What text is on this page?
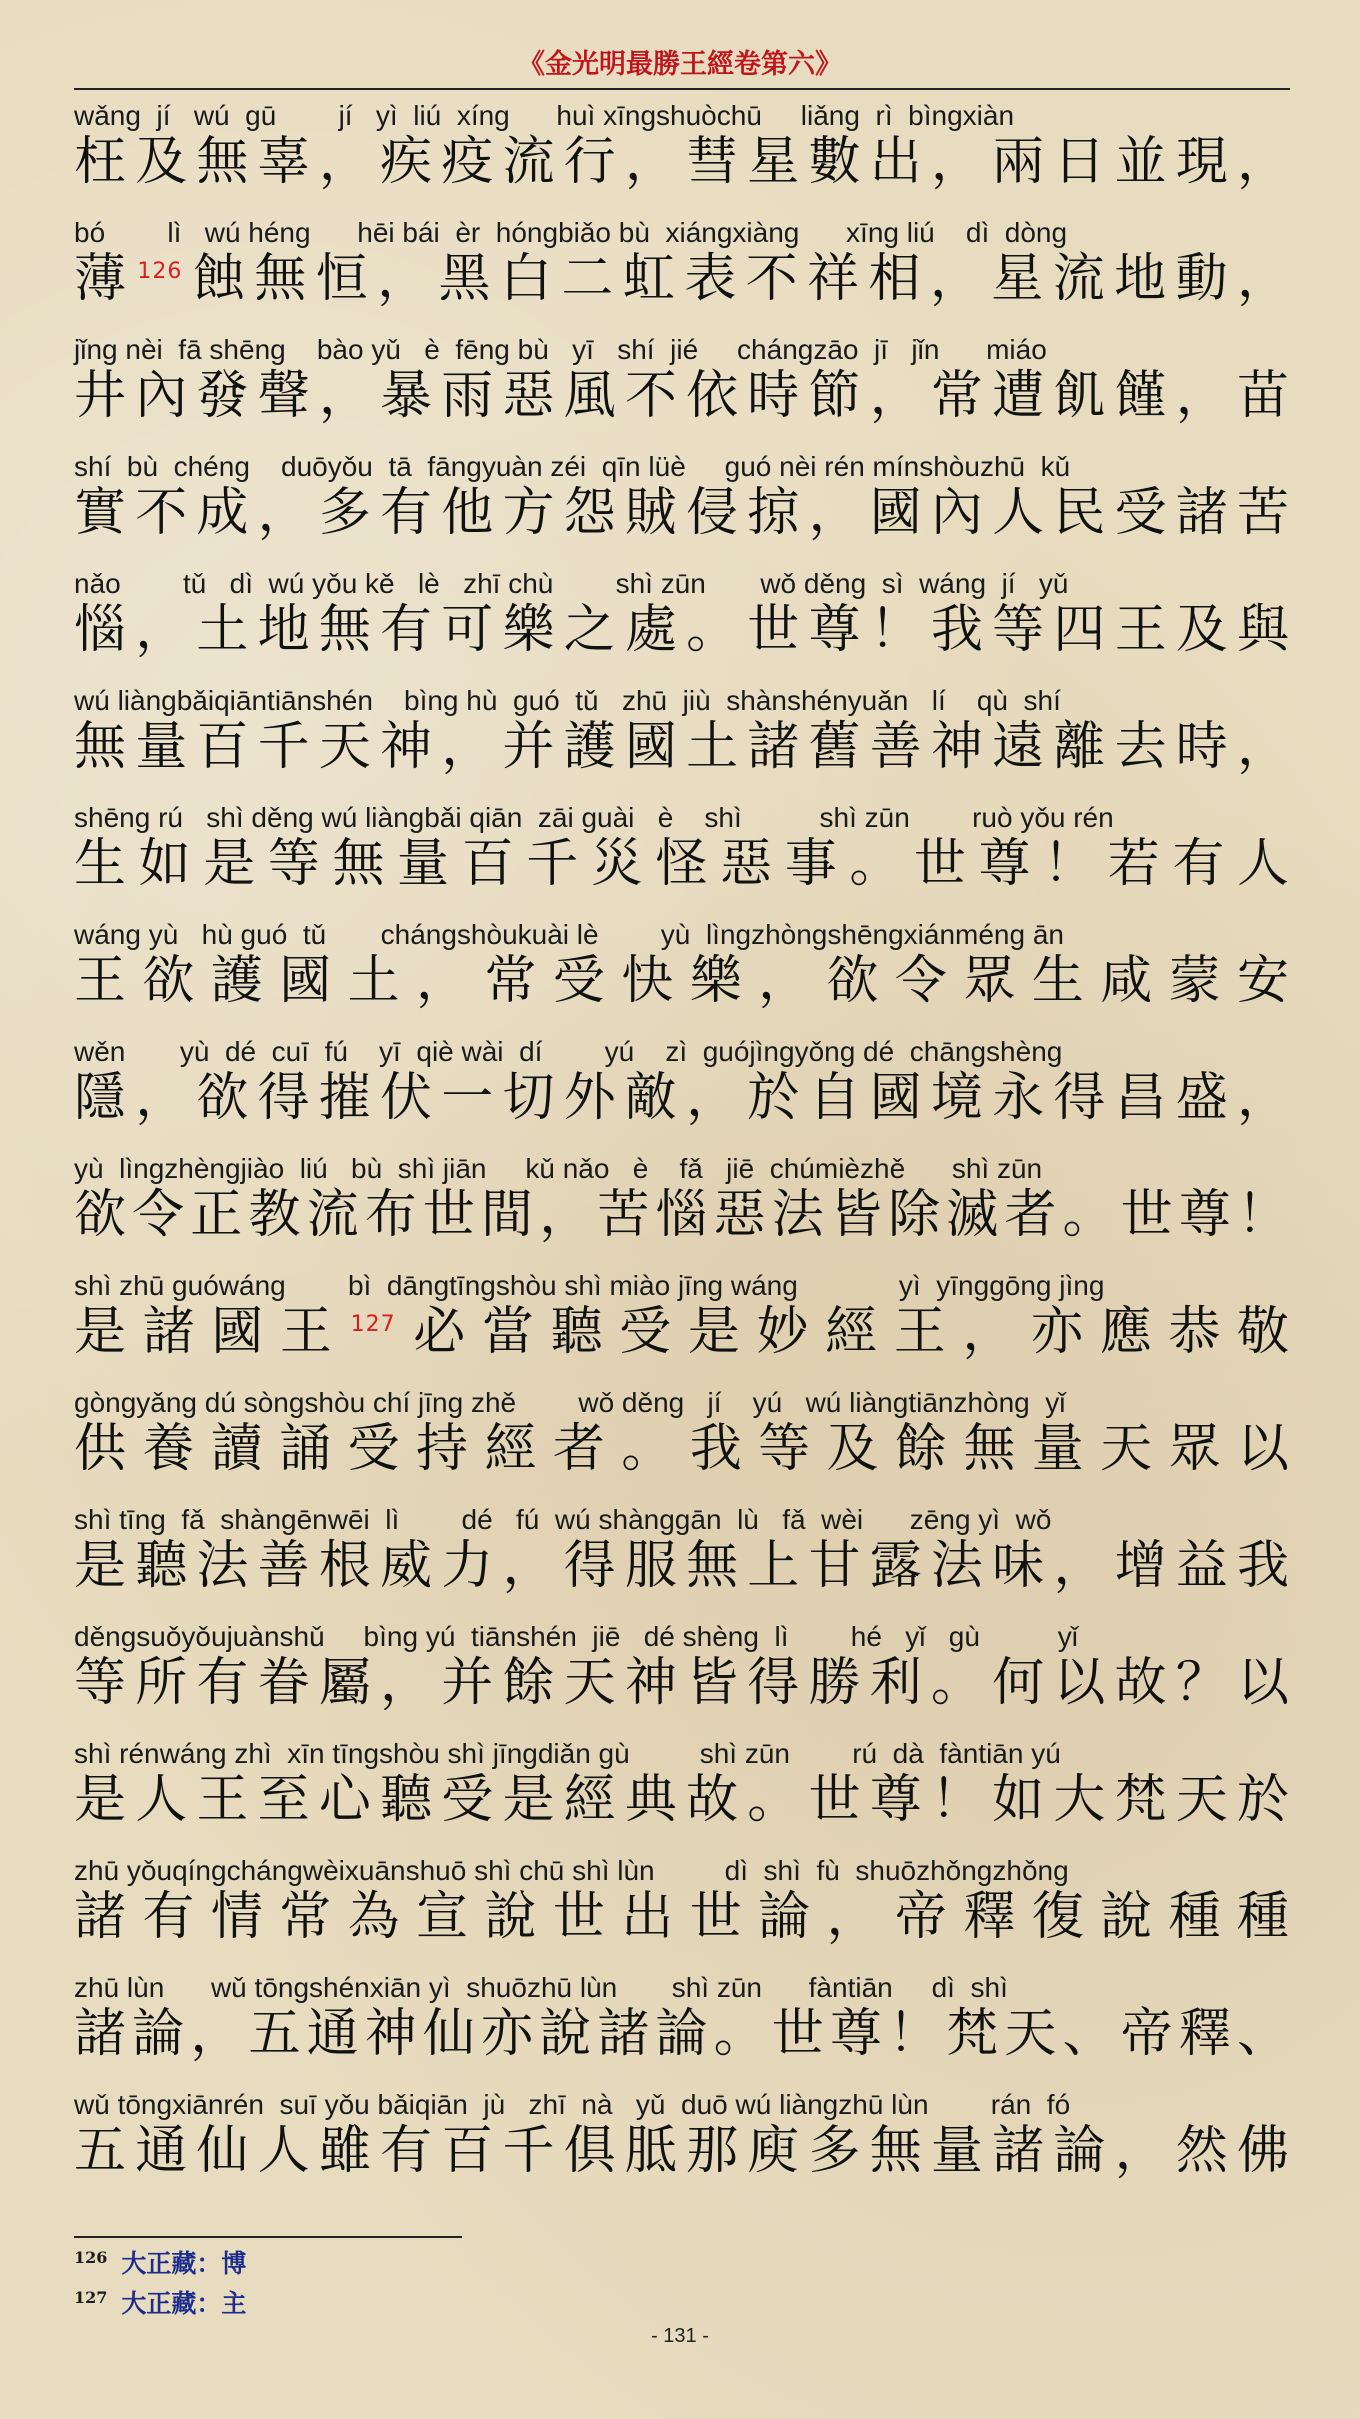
《金光明最勝王經卷第六》
wǎng  jí   wú  gū        jí   yì  liú  xíng      huì xīngshuòchū     liǎng  rì  bìngxiàn
枉及無辜，疾疫流行，彗星數出，兩日並現，
bó        lì   wú héng      hēi bái  èr  hóngbiǎo bù  xiángxiàng      xīng liú    dì  dòng
薄$^{126}$蝕無恒，黑白二虹表不祥相，星流地動，
jǐng nèi  fā shēng    bào yǔ   è  fēng bù   yī   shí  jié     chángzāo  jī   jǐn      miáo
井內發聲，暴雨惡風不依時節，常遭飢饉，苗
shí  bù  chéng    duōyǒu  tā  fāngyuàn zéi  qīn lüè     guó nèi rén mínshòuzhū  kǔ
實不成，多有他方怨賊侵掠，國內人民受諸苦
nǎo        tǔ   dì  wú yǒu kě   lè   zhī chù        shì zūn       wǒ děng  sì  wáng  jí   yǔ
惱，土地無有可樂之處。世尊！我等四王及與
wú liàngbǎiqiāntiānshén    bìng hù  guó  tǔ   zhū  jiù  shànshényuǎn   lí    qù  shí
無量百千天神，并護國土諸舊善神遠離去時，
shēng rú   shì děng wú liàngbǎi qiān  zāi guài   è    shì          shì zūn        ruò yǒu rén
生如是等無量百千災怪惡事。世尊！若有人
wáng yù   hù guó  tǔ       chángshòukuài lè        yù  lìngzhòngshēngxiánméng ān
王欲護國土，常受快樂，欲令眾生咸蒙安
wěn       yù  dé  cuī  fú    yī  qiè wài  dí        yú    zì  guójìngyǒng dé  chāngshèng
隱，欲得摧伏一切外敵，於自國境永得昌盛，
yù  lìngzhèngjiào  liú   bù  shì jiān     kǔ nǎo   è    fǎ   jiē  chúmièzhě      shì zūn
欲令正教流布世間，苦惱惡法皆除滅者。世尊！
shì zhū guówáng        bì  dāngtīngshòu shì miào jīng wáng             yì  yīnggōng jìng
是諸國王$^{127}$必當聽受是妙經王，亦應恭敬
gòngyǎng dú sòngshòu chí jīng zhě        wǒ děng   jí    yú   wú liàngtiānzhòng  yǐ
供養讀誦受持經者。我等及餘無量天眾以
shì tīng  fǎ  shàngēnwēi  lì        dé   fú  wú shànggān  lù   fǎ  wèi      zēng yì  wǒ
是聽法善根威力，得服無上甘露法味，增益我
děngsuǒyǒujuànshǔ     bìng yú  tiānshén  jiē   dé shèng  lì        hé   yǐ   gù          yǐ
等所有眷屬，并餘天神皆得勝利。何以故？以
shì rénwáng zhì  xīn tīngshòu shì jīngdiǎn gù         shì zūn        rú  dà  fàntiān yú
是人王至心聽受是經典故。世尊！如大梵天於
zhū yǒuqíngchángwèixuānshuō shì chū shì lùn         dì  shì  fù  shuōzhǒngzhǒng
諸有情常為宣說世出世論，帝釋復說種種
zhū lùn      wǔ tōngshénxiān yì  shuōzhū lùn       shì zūn      fàntiān     dì  shì
諸論，五通神仙亦說諸論。世尊！梵天、帝釋、
wǔ tōngxiānrén  suī yǒu bǎiqiān  jù   zhī  nà   yǔ  duō wú liàngzhū lùn        rán  fó
五通仙人雖有百千俱胝那庾多無量諸論，然佛
$^{126}$ 大正藏：博
$^{127}$ 大正藏：主
- 131 -
